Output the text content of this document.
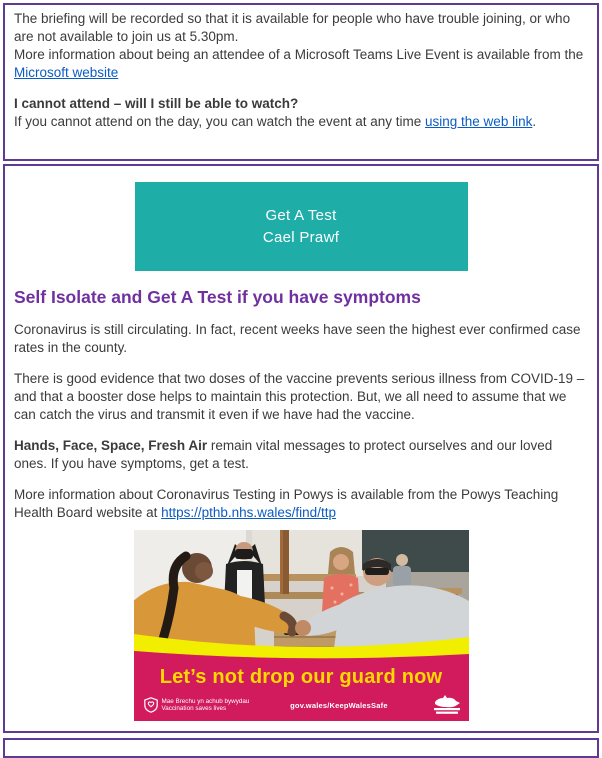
The briefing will be recorded so that it is available for people who have trouble joining, or who are not available to join us at 5.30pm.

More information about being an attendee of a Microsoft Teams Live Event is available from the Microsoft website

I cannot attend – will I still be able to watch?

If you cannot attend on the day, you can watch the event at any time using the web link.

Get A Test
Cael Prawf
Self Isolate and Get A Test if you have symptoms

Coronavirus is still circulating. In fact, recent weeks have seen the highest ever confirmed case rates in the county.

There is good evidence that two doses of the vaccine prevents serious illness from COVID-19 – and that a booster dose helps to maintain this protection. But, we all need to assume that we can catch the virus and transmit it even if we have had the vaccine.

Hands, Face, Space, Fresh Air remain vital messages to protect ourselves and our loved ones. If you have symptoms, get a test.

More information about Coronavirus Testing in Powys is available from the Powys Teaching Health Board website at https://pthb.nhs.wales/find/ttp

Let’s not drop our guard now
Mae Brechu yn achub bywydau
Vaccination saves lives	gov.wales/KeepWalesSafe
